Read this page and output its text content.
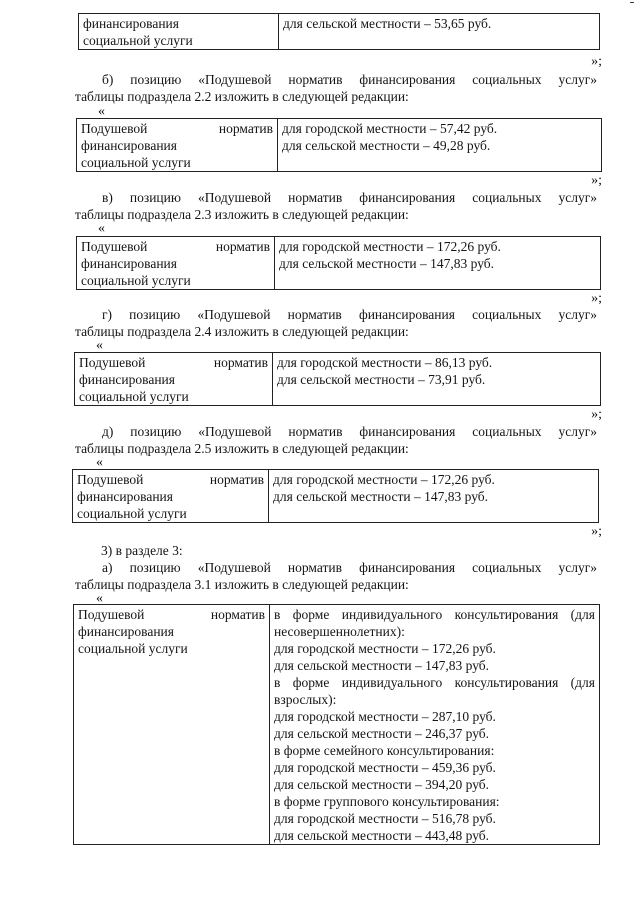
финансирования
социальной услуги

для сельской местности – 53,65 руб.
»;
б) позицию «Подушевой норматив финансирования социальных услуг»
таблицы подраздела 2.2 изложить в следующей редакции:
«
Подушевой	норматив
финансирования
социальной услуги

для городской местности – 57,42 руб.
для сельской местности – 49,28 руб.
»;
в) позицию «Подушевой норматив финансирования социальных услуг»
таблицы подраздела 2.3 изложить в следующей редакции:
«
Подушевой	норматив
финансирования
социальной услуги

для городской местности – 172,26 руб.
для сельской местности – 147,83 руб.
»;
г) позицию «Подушевой норматив финансирования социальных услуг»
таблицы подраздела 2.4 изложить в следующей редакции:
«
Подушевой	норматив
финансирования
социальной услуги

для городской местности – 86,13 руб.
для сельской местности – 73,91 руб.
»;
д) позицию «Подушевой норматив финансирования социальных услуг»
таблицы подраздела 2.5 изложить в следующей редакции:
«
Подушевой	норматив
финансирования
социальной услуги

для городской местности – 172,26 руб.
для сельской местности – 147,83 руб.
»;
3) в разделе 3:
а) позицию «Подушевой норматив финансирования социальных услуг»
таблицы подраздела 3.1 изложить в следующей редакции:
«
Подушевой	норматив
финансирования
социальной услуги

в форме индивидуального консультирования (для
несовершеннолетних):
для городской местности – 172,26 руб.
для сельской местности – 147,83 руб.
в форме индивидуального консультирования (для
взрослых):
для городской местности – 287,10 руб.
для сельской местности – 246,37 руб.
в форме семейного консультирования:
для городской местности – 459,36 руб.
для сельской местности – 394,20 руб.
в форме группового консультирования:
для городской местности – 516,78 руб.
для сельской местности – 443,48 руб.
